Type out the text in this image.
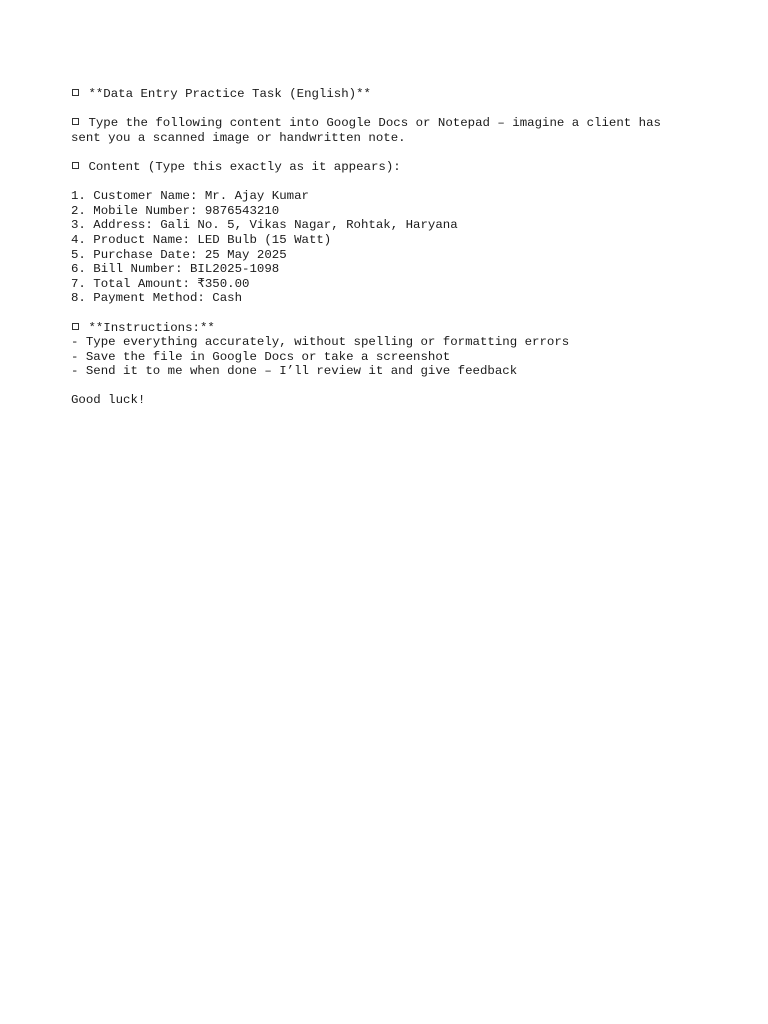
**Data Entry Practice Task (English)**
Type the following content into Google Docs or Notepad – imagine a client has
sent you a scanned image or handwritten note.
Content (Type this exactly as it appears):
1. Customer Name: Mr. Ajay Kumar
2. Mobile Number: 9876543210
3. Address: Gali No. 5, Vikas Nagar, Rohtak, Haryana
4. Product Name: LED Bulb (15 Watt)
5. Purchase Date: 25 May 2025
6. Bill Number: BIL2025-1098
7. Total Amount: ₹350.00
8. Payment Method: Cash
**Instructions:**
- Type everything accurately, without spelling or formatting errors
- Save the file in Google Docs or take a screenshot
- Send it to me when done – I’ll review it and give feedback
Good luck!
